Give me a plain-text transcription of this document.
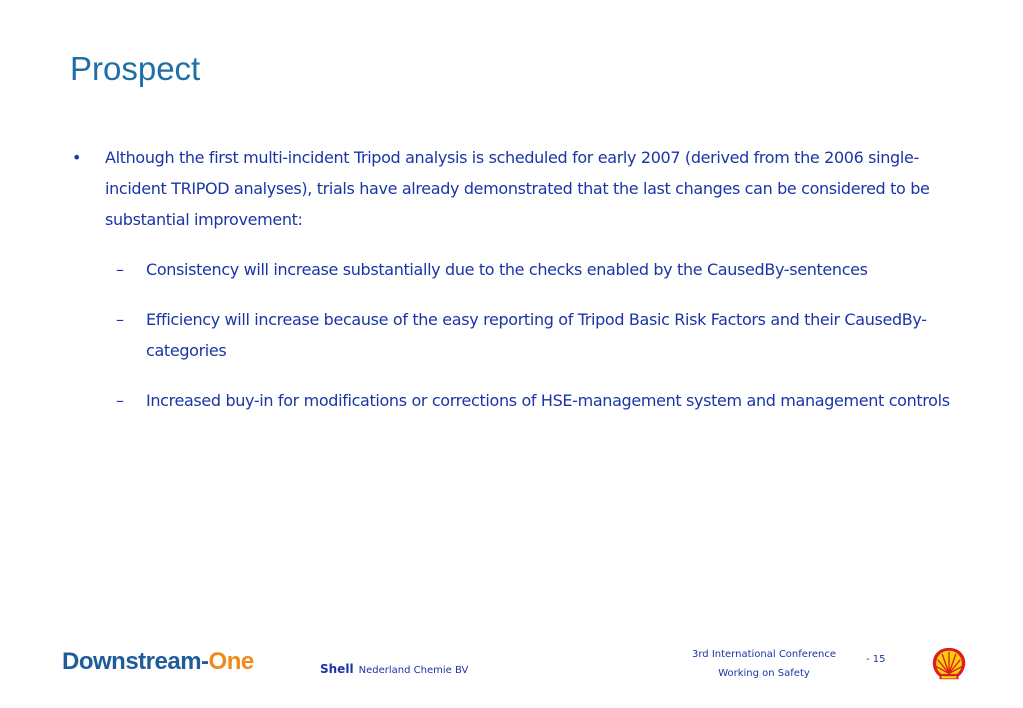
Prospect
•	Although the first multi-incident Tripod analysis is scheduled for early 2007 (derived from the 2006 single-incident TRIPOD analyses), trials have already demonstrated that the last changes can be considered to be substantial improvement:
–	Consistency will increase substantially due to the checks enabled by the CausedBy-sentences
–	Efficiency will increase because of the easy reporting of Tripod Basic Risk Factors and their CausedBy-categories
–	Increased buy-in for modifications or corrections of HSE-management system and management controls
Downstream-One	Shell Nederland Chemie BV
3rd International Conference
Working on Safety
- 15
